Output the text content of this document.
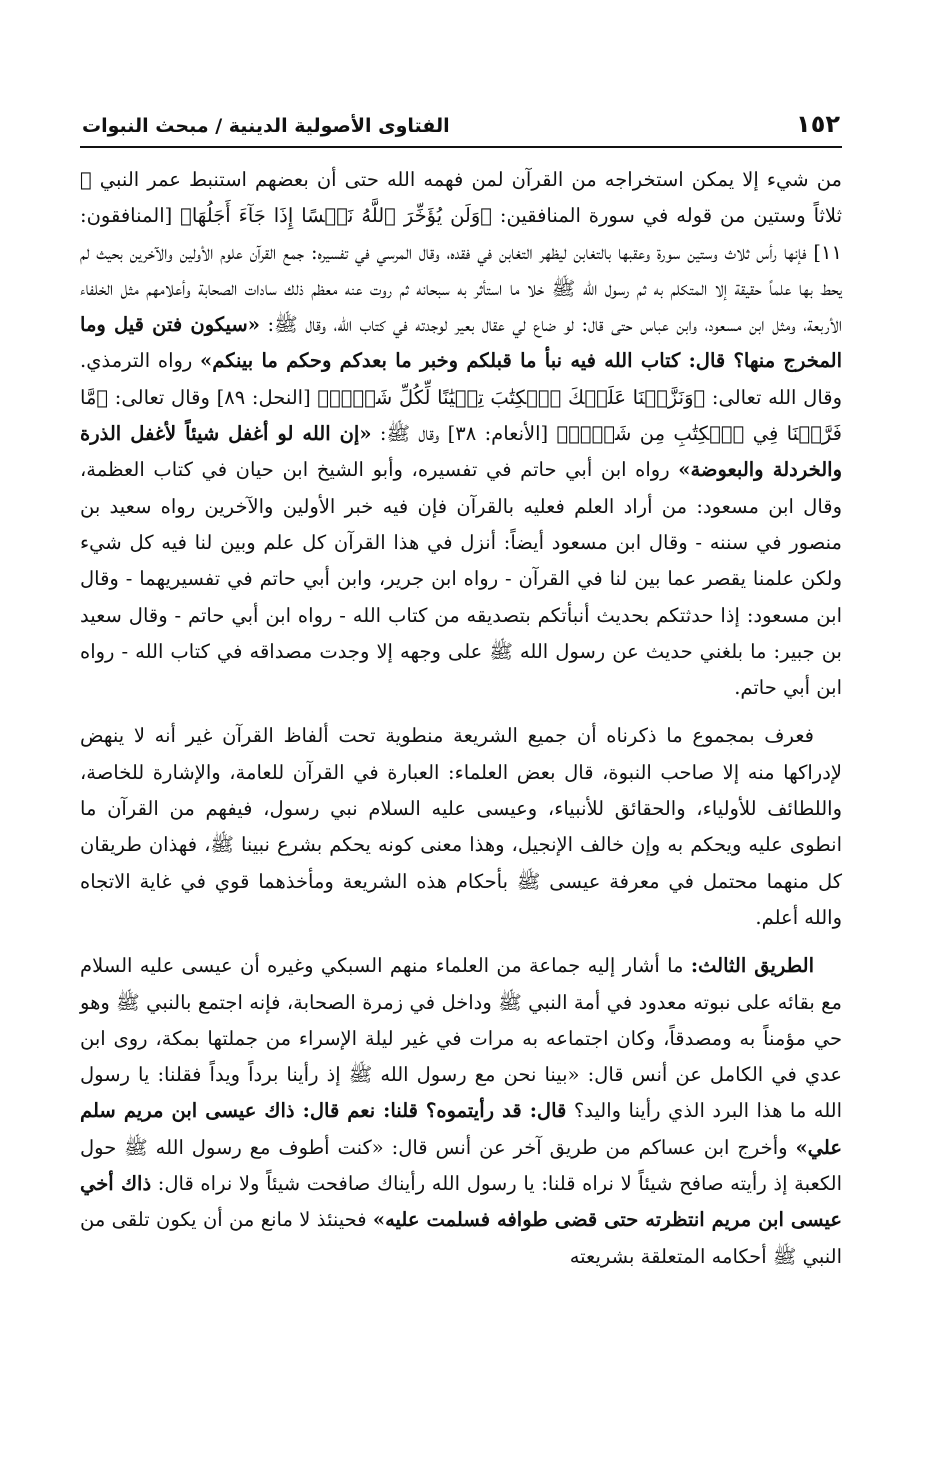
١٥٢
الفتاوى الأصولية الدينية / مبحث النبوات

من شيء إلا يمكن استخراجه من القرآن لمن فهمه الله حتى أن بعضهم استنبط عمر النبي ﷺ ثلاثاً وستين من قوله في سورة المنافقين: ﴿وَلَن يُؤَخِّرَ ٱللَّهُ نَفۡسًا إِذَا جَآءَ أَجَلُهَا﴾ [المنافقون: ١١] فإنها رأس ثلاث وستين سورة وعقبها بالتغابن ليظهر التغابن في فقده، وقال المرسي في تفسيره: جمع القرآن علوم الأولين والآخرين بحيث لم يحط بها علماً حقيقة إلا المتكلم به ثم رسول الله ﷺ خلا ما استأثر به سبحانه ثم روت عنه معظم ذلك سادات الصحابة وأعلامهم مثل الخلفاء الأربعة، ومثل ابن مسعود، وابن عباس حتى قال: لو ضاع لي عقال بعير لوجدته في كتاب الله، وقال ﷺ: «سيكون فتن قيل وما المخرج منها؟ قال: كتاب الله فيه نبأ ما قبلكم وخبر ما بعدكم وحكم ما بينكم» رواه الترمذي. وقال الله تعالى: ﴿وَنَزَّلۡنَا عَلَيۡكَ ٱلۡكِتَٰبَ تِبۡيَٰنًا لِّكُلِّ شَيۡءٖ﴾ [النحل: ٨٩] وقال تعالى: ﴿مَّا فَرَّطۡنَا فِي ٱلۡكِتَٰبِ مِن شَيۡءٖ﴾ [الأنعام: ٣٨] وقال ﷺ: «إن الله لو أغفل شيئاً لأغفل الذرة والخردلة والبعوضة» رواه ابن أبي حاتم في تفسيره، وأبو الشيخ ابن حيان في كتاب العظمة، وقال ابن مسعود: من أراد العلم فعليه بالقرآن فإن فيه خبر الأولين والآخرين رواه سعيد بن منصور في سننه - وقال ابن مسعود أيضاً: أنزل في هذا القرآن كل علم وبين لنا فيه كل شيء ولكن علمنا يقصر عما بين لنا في القرآن - رواه ابن جرير، وابن أبي حاتم في تفسيريهما - وقال ابن مسعود: إذا حدثتكم بحديث أنبأتكم بتصديقه من كتاب الله - رواه ابن أبي حاتم - وقال سعيد بن جبير: ما بلغني حديث عن رسول الله ﷺ على وجهه إلا وجدت مصداقه في كتاب الله - رواه ابن أبي حاتم.

فعرف بمجموع ما ذكرناه أن جميع الشريعة منطوية تحت ألفاظ القرآن غير أنه لا ينهض لإدراكها منه إلا صاحب النبوة، قال بعض العلماء: العبارة في القرآن للعامة، والإشارة للخاصة، واللطائف للأولياء، والحقائق للأنبياء، وعيسى عليه السلام نبي رسول، فيفهم من القرآن ما انطوى عليه ويحكم به وإن خالف الإنجيل، وهذا معنى كونه يحكم بشرع نبينا ﷺ، فهذان طريقان كل منهما محتمل في معرفة عيسى ﷺ بأحكام هذه الشريعة ومأخذهما قوي في غاية الاتجاه والله أعلم.

الطريق الثالث: ما أشار إليه جماعة من العلماء منهم السبكي وغيره أن عيسى عليه السلام مع بقائه على نبوته معدود في أمة النبي ﷺ وداخل في زمرة الصحابة، فإنه اجتمع بالنبي ﷺ وهو حي مؤمناً به ومصدقاً، وكان اجتماعه به مرات في غير ليلة الإسراء من جملتها بمكة، روى ابن عدي في الكامل عن أنس قال: «بينا نحن مع رسول الله ﷺ إذ رأينا برداً ويداً فقلنا: يا رسول الله ما هذا البرد الذي رأينا واليد؟ قال: قد رأيتموه؟ قلنا: نعم قال: ذاك عيسى ابن مريم سلم علي» وأخرج ابن عساكم من طريق آخر عن أنس قال: «كنت أطوف مع رسول الله ﷺ حول الكعبة إذ رأيته صافح شيئاً لا نراه قلنا: يا رسول الله رأيناك صافحت شيئاً ولا نراه قال: ذاك أخي عيسى ابن مريم انتظرته حتى قضى طوافه فسلمت عليه» فحينئذ لا مانع من أن يكون تلقى من النبي ﷺ أحكامه المتعلقة بشريعته
